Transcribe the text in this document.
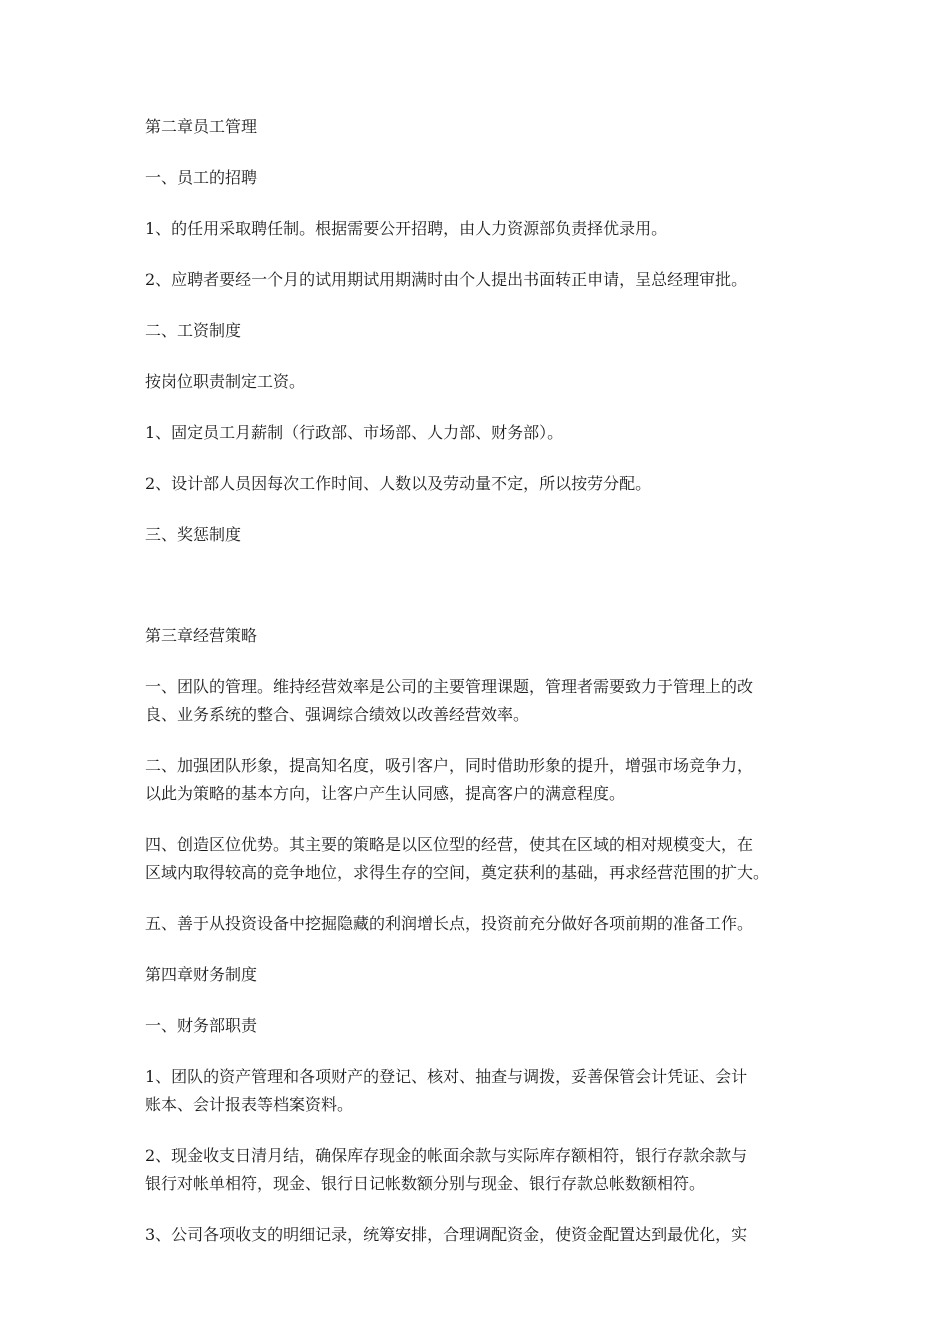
第二章员工管理

一、员工的招聘

1、的任用采取聘任制。根据需要公开招聘，由人力资源部负责择优录用。

2、应聘者要经一个月的试用期试用期满时由个人提出书面转正申请，呈总经理审批。

二、工资制度

按岗位职责制定工资。

1、固定员工月薪制（行政部、市场部、人力部、财务部）。

2、设计部人员因每次工作时间、人数以及劳动量不定，所以按劳分配。

三、奖惩制度

第三章经营策略

一、团队的管理。维持经营效率是公司的主要管理课题，管理者需要致力于管理上的改
良、业务系统的整合、强调综合绩效以改善经营效率。

二、加强团队形象，提高知名度，吸引客户，同时借助形象的提升，增强市场竞争力，
以此为策略的基本方向，让客户产生认同感，提高客户的满意程度。

四、创造区位优势。其主要的策略是以区位型的经营，使其在区域的相对规模变大，在
区域内取得较高的竞争地位，求得生存的空间，奠定获利的基础，再求经营范围的扩大。

五、善于从投资设备中挖掘隐藏的利润增长点，投资前充分做好各项前期的准备工作。

第四章财务制度

一、财务部职责

1、团队的资产管理和各项财产的登记、核对、抽查与调拨，妥善保管会计凭证、会计
账本、会计报表等档案资料。

2、现金收支日清月结，确保库存现金的帐面余款与实际库存额相符，银行存款余款与
银行对帐单相符，现金、银行日记帐数额分别与现金、银行存款总帐数额相符。

3、公司各项收支的明细记录，统筹安排，合理调配资金，使资金配置达到最优化，实
